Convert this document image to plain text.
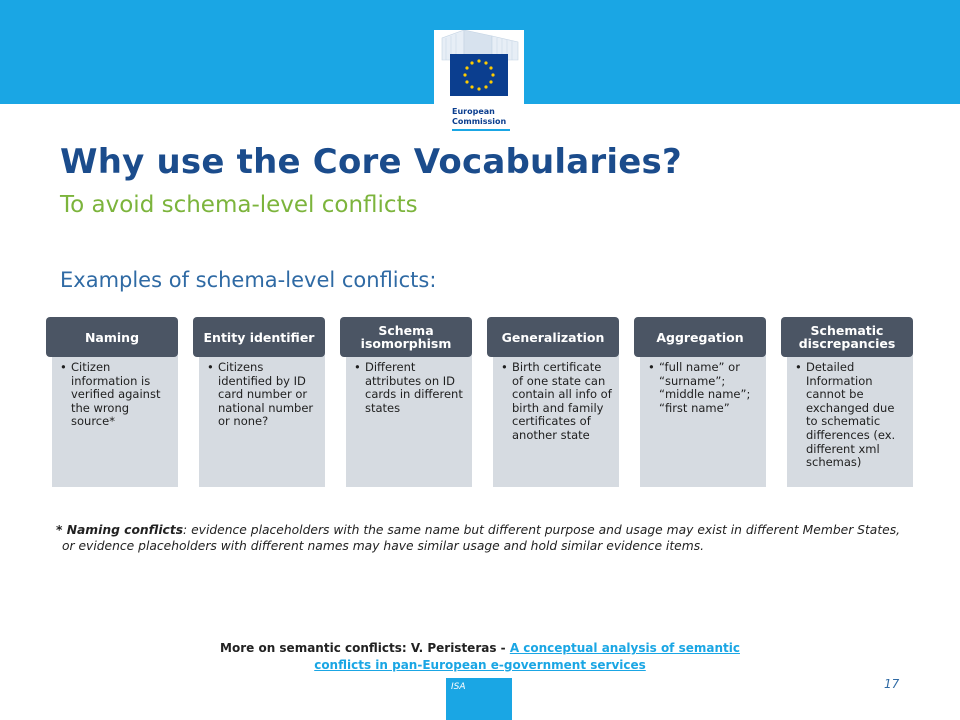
European
Commission
Why use the Core Vocabularies?
To avoid schema-level conflicts
Examples of schema-level conflicts:
• Citizen information is verified against the wrong source*
Naming
• Citizens identified by ID card number or national number or none?
Entity identifier
• Different attributes on ID cards in different states
Schema isomorphism
• Birth certificate of one state can contain all info of birth and family certificates of another state
Generalization
• “full name” or “surname”; “middle name”; “first name”
Aggregation
• Detailed Information cannot be exchanged due to schematic differences (ex. different xml schemas)
Schematic discrepancies
* Naming conflicts: evidence placeholders with the same name but different purpose and usage may exist in different Member States,
or evidence placeholders with different names may have similar usage and hold similar evidence items.
More on semantic conflicts: V. Peristeras - A conceptual analysis of semantic
conflicts in pan-European e-government services
ISA	17
